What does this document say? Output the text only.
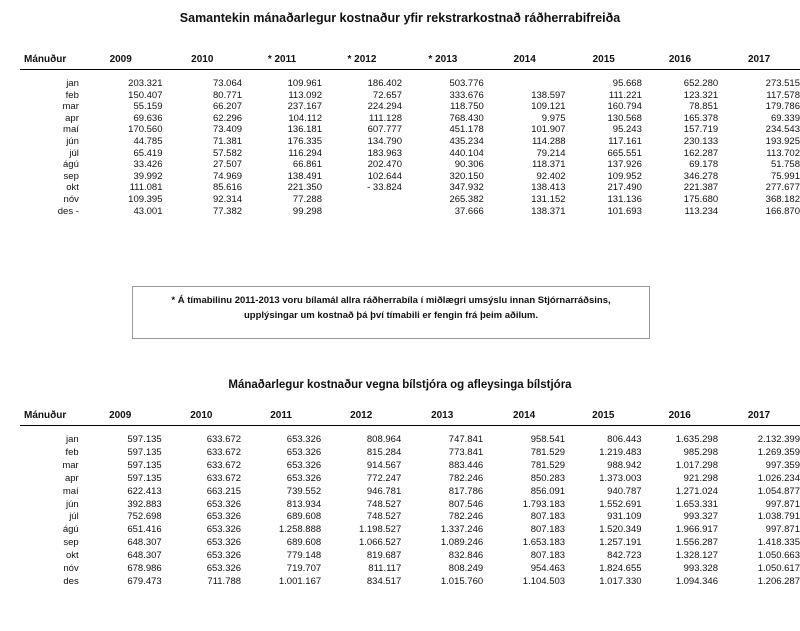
Samantekin mánaðarlegur kostnaður yfir rekstrarkostnað ráðherrabifreiða
Mánuður	2009	2010	* 2011	* 2012	* 2013	2014	2015	2016	2017

jan	203.321	73.064	109.961	186.402	503.776		95.668	652.280	273.515
feb	150.407	80.771	113.092	72.657	333.676	138.597	111.221	123.321	117.578
mar	55.159	66.207	237.167	224.294	118.750	109.121	160.794	78.851	179.786
apr	69.636	62.296	104.112	111.128	768.430	9.975	130.568	165.378	69.339
maí	170.560	73.409	136.181	607.777	451.178	101.907	95.243	157.719	234.543
jún	44.785	71.381	176.335	134.790	435.234	114.288	117.161	230.133	193.925
júl	65.419	57.582	116.294	183.963	440.104	79.214	665.551	162.287	113.702
ágú	33.426	27.507	66.861	202.470	90.306	118.371	137.926	69.178	51.758
sep	39.992	74.969	138.491	102.644	320.150	92.402	109.952	346.278	75.991
okt	111.081	85.616	221.350	- 33.824	347.932	138.413	217.490	221.387	277.677
nóv	109.395	92.314	77.288		265.382	131.152	131.136	175.680	368.182
des -	43.001	77.382	99.298		37.666	138.371	101.693	113.234	166.870
* Á tímabilinu 2011-2013 voru bílamál allra ráðherrabíla í miðlægri umsýslu innan Stjórnarráðsins,
upplýsingar um kostnað þá því tímabili er fengin frá þeim aðilum.
Mánaðarlegur kostnaður vegna bílstjóra og afleysinga bílstjóra
Mánuður	2009	2010	2011	2012	2013	2014	2015	2016	2017

jan	597.135	633.672	653.326	808.964	747.841	958.541	806.443	1.635.298	2.132.399
feb	597.135	633.672	653.326	815.284	773.841	781.529	1.219.483	985.298	1.269.359
mar	597.135	633.672	653.326	914.567	883.446	781.529	988.942	1.017.298	997.359
apr	597.135	633.672	653.326	772.247	782.246	850.283	1.373.003	921.298	1.026.234
maí	622.413	663.215	739.552	946.781	817.786	856.091	940.787	1.271.024	1.054.877
jún	392.883	653.326	813.934	748.527	807.546	1.793.183	1.552.691	1.653.331	997.871
júl	752.698	653.326	689.608	748.527	782.246	807.183	931.109	993.327	1.038.791
ágú	651.416	653.326	1.258.888	1.198.527	1.337.246	807.183	1.520.349	1.966.917	997.871
sep	648.307	653.326	689.608	1.066.527	1.089.246	1.653.183	1.257.191	1.556.287	1.418.335
okt	648.307	653.326	779.148	819.687	832.846	807.183	842.723	1.328.127	1.050.663
nóv	678.986	653.326	719.707	811.117	808.249	954.463	1.824.655	993.328	1.050.617
des	679.473	711.788	1.001.167	834.517	1.015.760	1.104.503	1.017.330	1.094.346	1.206.287
